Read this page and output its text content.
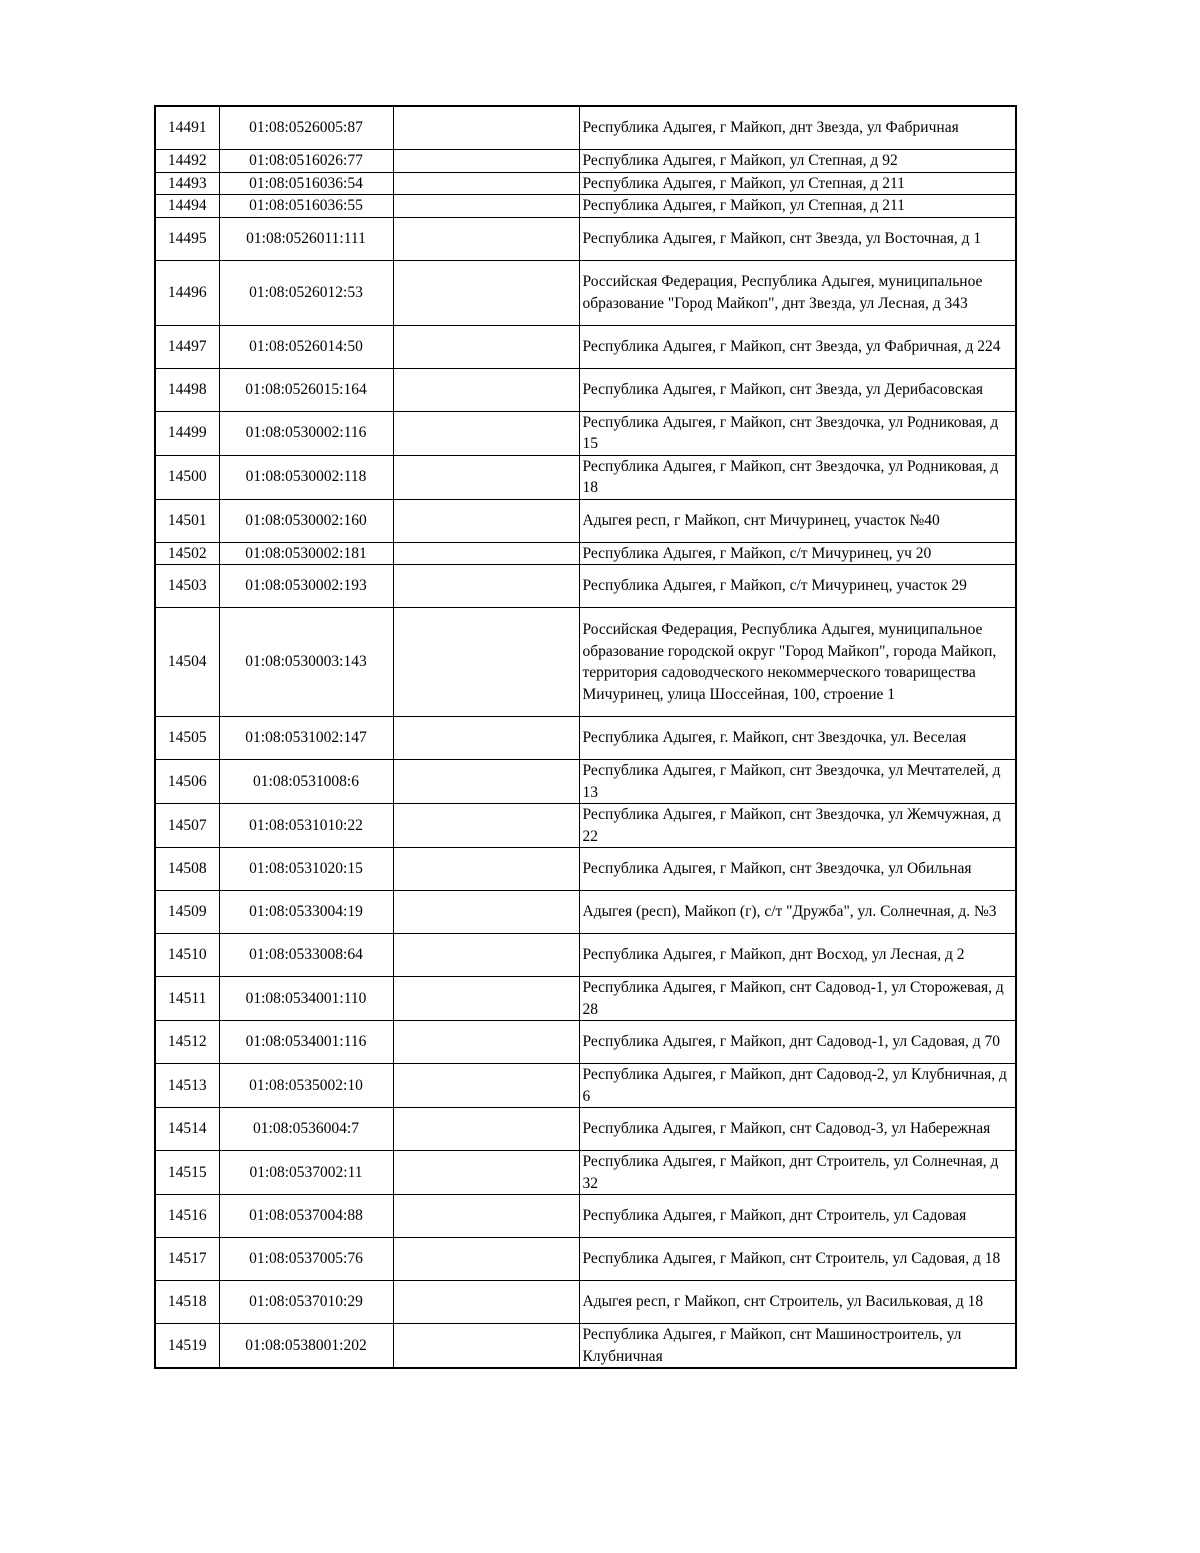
14491	01:08:0526005:87		Республика Адыгея, г Майкоп, днт Звезда, ул Фабричная
14492	01:08:0516026:77		Республика Адыгея, г Майкоп, ул Степная, д 92
14493	01:08:0516036:54		Республика Адыгея, г Майкоп, ул Степная, д 211
14494	01:08:0516036:55		Республика Адыгея, г Майкоп, ул Степная, д 211
14495	01:08:0526011:111		Республика Адыгея, г Майкоп, снт Звезда, ул Восточная, д 1
14496	01:08:0526012:53		Российская Федерация, Республика Адыгея, муниципальное образование "Город Майкоп", днт Звезда, ул Лесная, д 343
14497	01:08:0526014:50		Республика Адыгея, г Майкоп, снт Звезда, ул Фабричная, д 224
14498	01:08:0526015:164		Республика Адыгея, г Майкоп, снт Звезда, ул Дерибасовская
14499	01:08:0530002:116		Республика Адыгея, г Майкоп, снт Звездочка, ул Родниковая, д 15
14500	01:08:0530002:118		Республика Адыгея, г Майкоп, снт Звездочка, ул Родниковая, д 18
14501	01:08:0530002:160		Адыгея респ, г Майкоп, снт Мичуринец, участок №40
14502	01:08:0530002:181		Республика Адыгея, г Майкоп, с/т Мичуринец, уч 20
14503	01:08:0530002:193		Республика Адыгея, г Майкоп, с/т Мичуринец, участок 29
14504	01:08:0530003:143		Российская Федерация, Республика Адыгея, муниципальное образование городской округ "Город Майкоп", города Майкоп, территория садоводческого некоммерческого товарищества Мичуринец, улица Шоссейная, 100, строение 1
14505	01:08:0531002:147		Республика Адыгея, г. Майкоп, снт Звездочка, ул. Веселая
14506	01:08:0531008:6		Республика Адыгея, г Майкоп, снт Звездочка, ул Мечтателей, д 13
14507	01:08:0531010:22		Республика Адыгея, г Майкоп, снт Звездочка, ул Жемчужная, д 22
14508	01:08:0531020:15		Республика Адыгея, г Майкоп, снт Звездочка, ул Обильная
14509	01:08:0533004:19		Адыгея (респ), Майкоп (г), с/т "Дружба", ул. Солнечная, д. №3
14510	01:08:0533008:64		Республика Адыгея, г Майкоп, днт Восход, ул Лесная, д 2
14511	01:08:0534001:110		Республика Адыгея, г Майкоп, снт Садовод-1, ул Сторожевая, д 28
14512	01:08:0534001:116		Республика Адыгея, г Майкоп, днт Садовод-1, ул Садовая, д 70
14513	01:08:0535002:10		Республика Адыгея, г Майкоп, днт Садовод-2, ул Клубничная, д 6
14514	01:08:0536004:7		Республика Адыгея, г Майкоп, снт Садовод-3, ул Набережная
14515	01:08:0537002:11		Республика Адыгея, г Майкоп, днт Строитель, ул Солнечная, д 32
14516	01:08:0537004:88		Республика Адыгея, г Майкоп, днт Строитель, ул Садовая
14517	01:08:0537005:76		Республика Адыгея, г Майкоп, снт Строитель, ул Садовая, д 18
14518	01:08:0537010:29		Адыгея респ, г Майкоп, снт Строитель, ул Васильковая, д 18
14519	01:08:0538001:202		Республика Адыгея, г Майкоп, снт Машиностроитель, ул Клубничная
